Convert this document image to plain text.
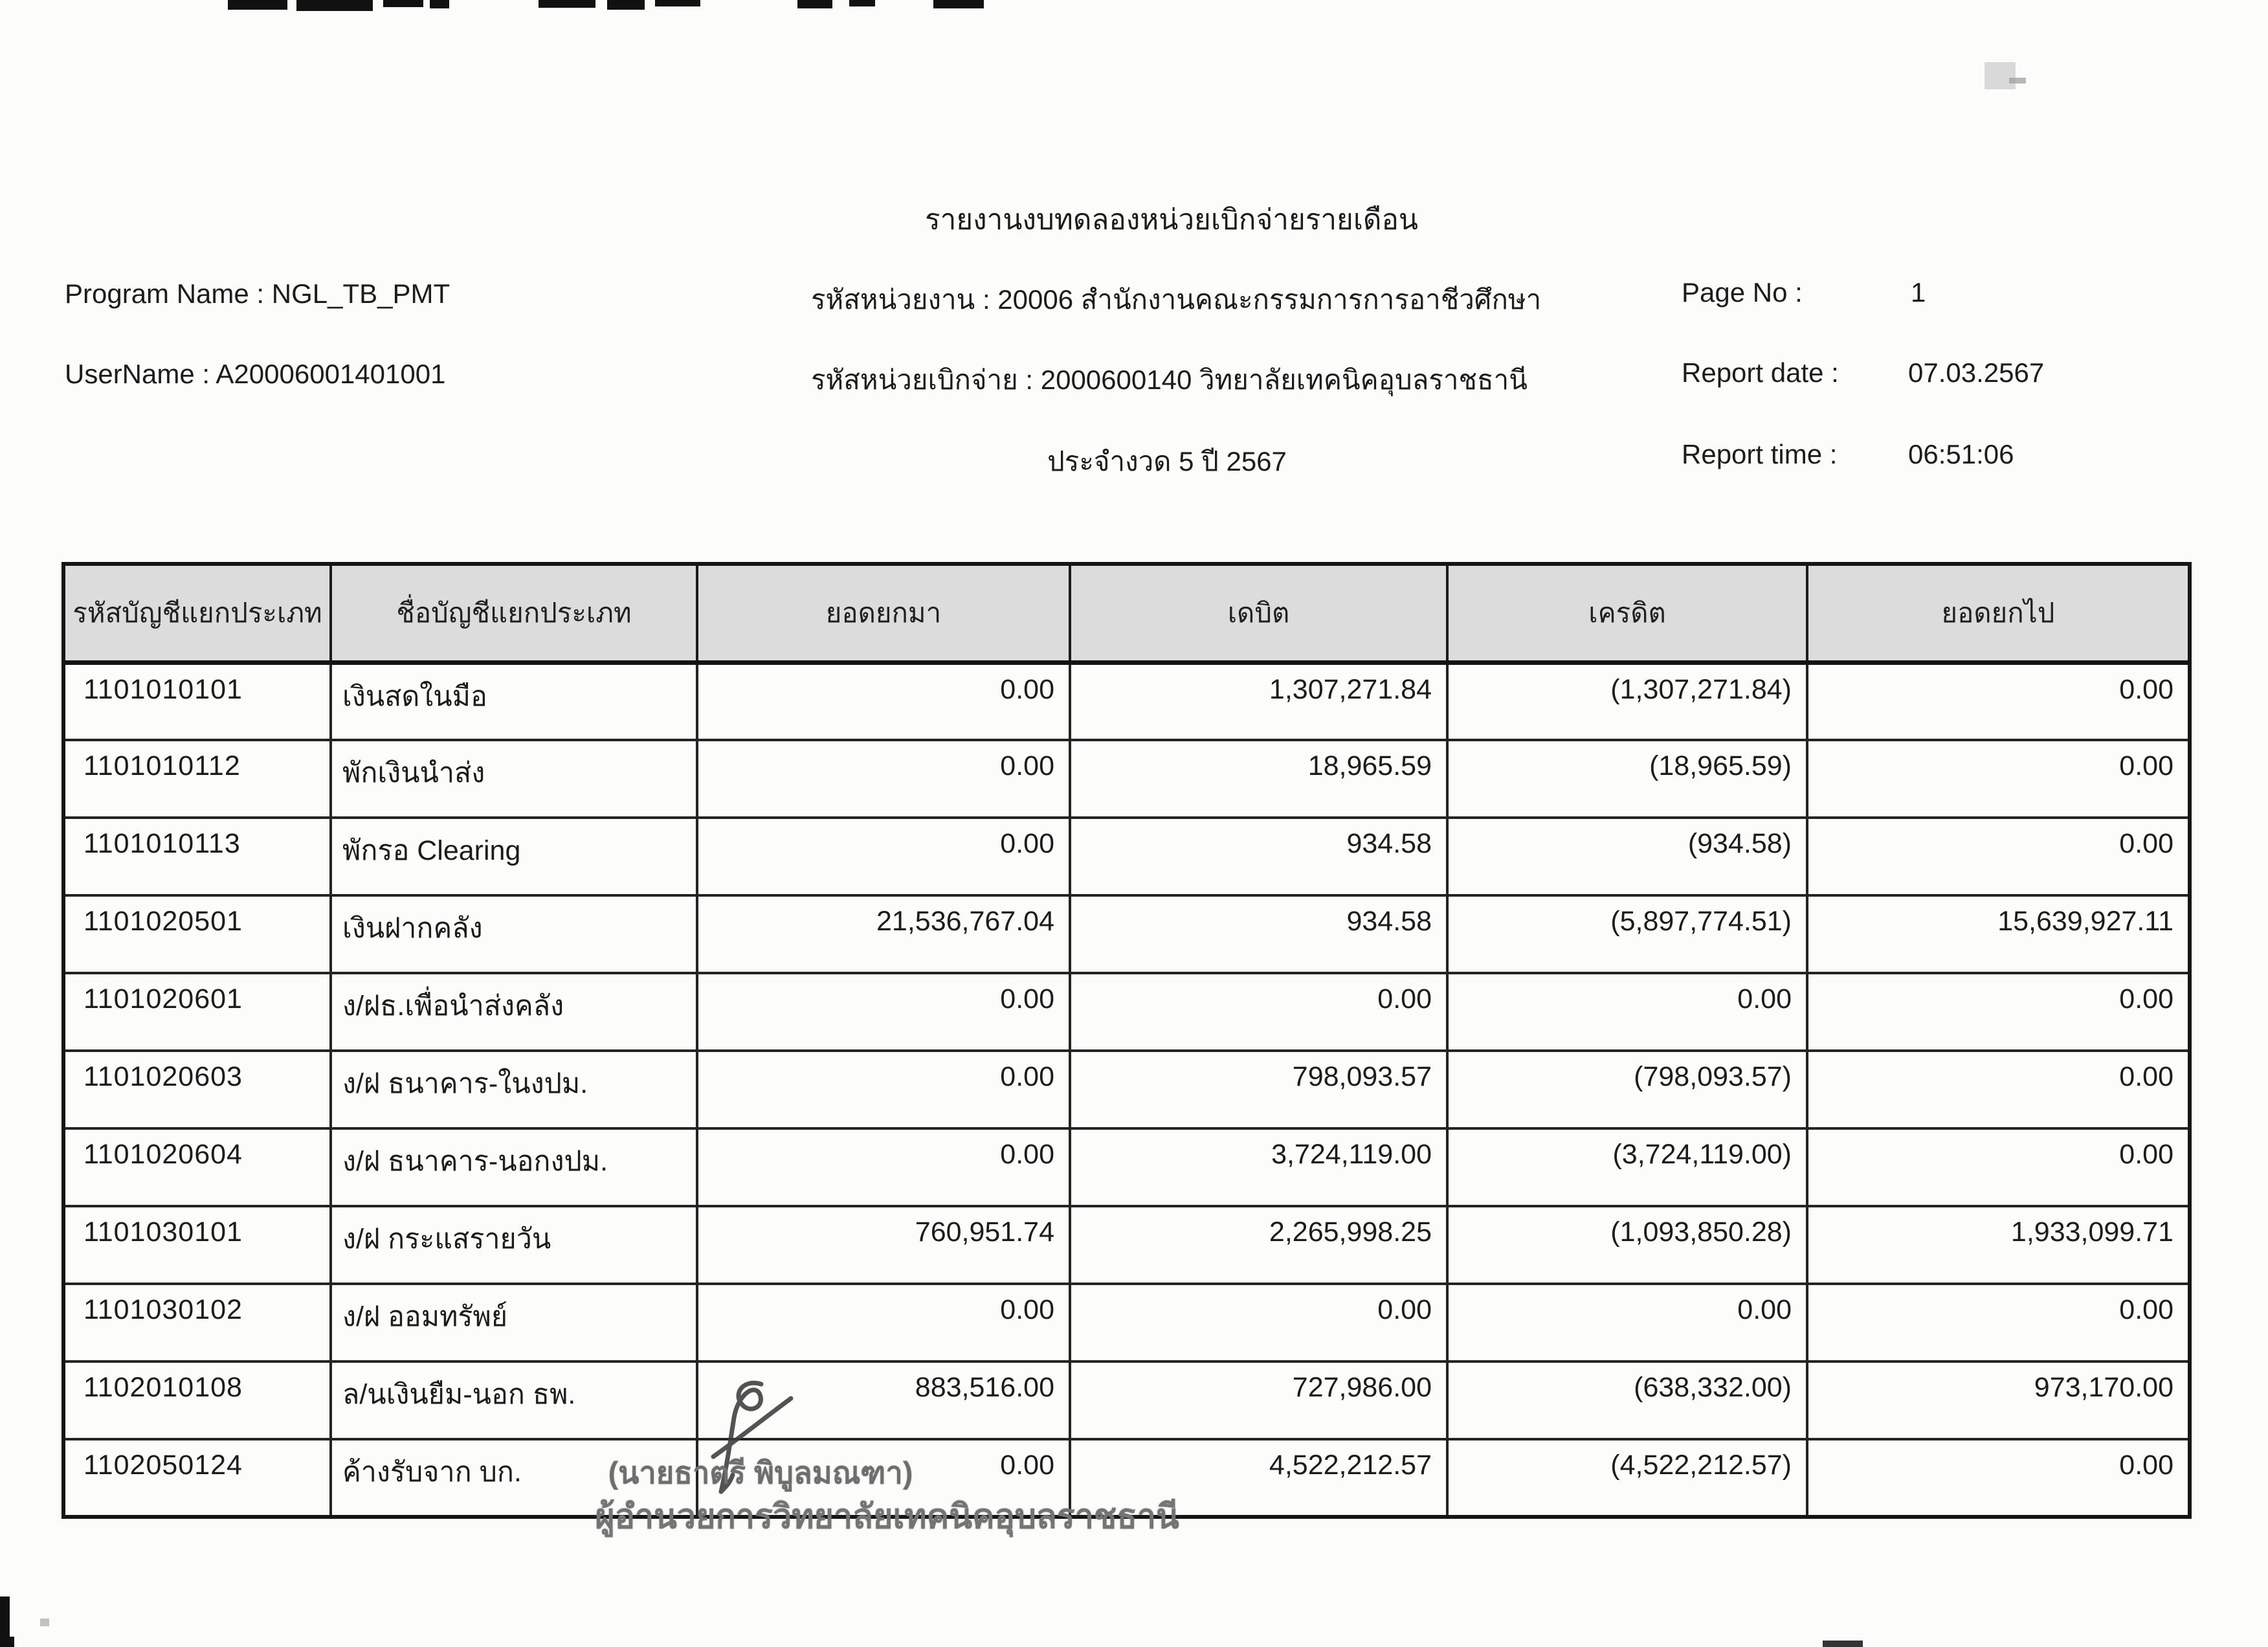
รายงานงบทดลองหน่วยเบิกจ่ายรายเดือน
Program Name : NGL_TB_PMT
UserName : A20006001401001
รหัสหน่วยงาน : 20006 สำนักงานคณะกรรมการการอาชีวศึกษา
รหัสหน่วยเบิกจ่าย : 2000600140 วิทยาลัยเทคนิคอุบลราชธานี
ประจำงวด 5 ปี 2567
Page No :	1
Report date :	07.03.2567
Report time :	06:51:06
รหัสบัญชีแยกประเภท	ชื่อบัญชีแยกประเภท	ยอดยกมา	เดบิต	เครดิต	ยอดยกไป
1101010101	เงินสดในมือ	0.00	1,307,271.84	(1,307,271.84)	0.00
1101010112	พักเงินนำส่ง	0.00	18,965.59	(18,965.59)	0.00
1101010113	พักรอ Clearing	0.00	934.58	(934.58)	0.00
1101020501	เงินฝากคลัง	21,536,767.04	934.58	(5,897,774.51)	15,639,927.11
1101020601	ง/ฝธ.เพื่อนำส่งคลัง	0.00	0.00	0.00	0.00
1101020603	ง/ฝ ธนาคาร-ในงปม.	0.00	798,093.57	(798,093.57)	0.00
1101020604	ง/ฝ ธนาคาร-นอกงปม.	0.00	3,724,119.00	(3,724,119.00)	0.00
1101030101	ง/ฝ กระแสรายวัน	760,951.74	2,265,998.25	(1,093,850.28)	1,933,099.71
1101030102	ง/ฝ ออมทรัพย์	0.00	0.00	0.00	0.00
1102010108	ล/นเงินยืม-นอก ธพ.	883,516.00	727,986.00	(638,332.00)	973,170.00
1102050124	ค้างรับจาก บก.	0.00	4,522,212.57	(4,522,212.57)	0.00
(นายธาตรี พิบูลมณฑา)
ผู้อำนวยการวิทยาลัยเทคนิคอุบลราชธานี
